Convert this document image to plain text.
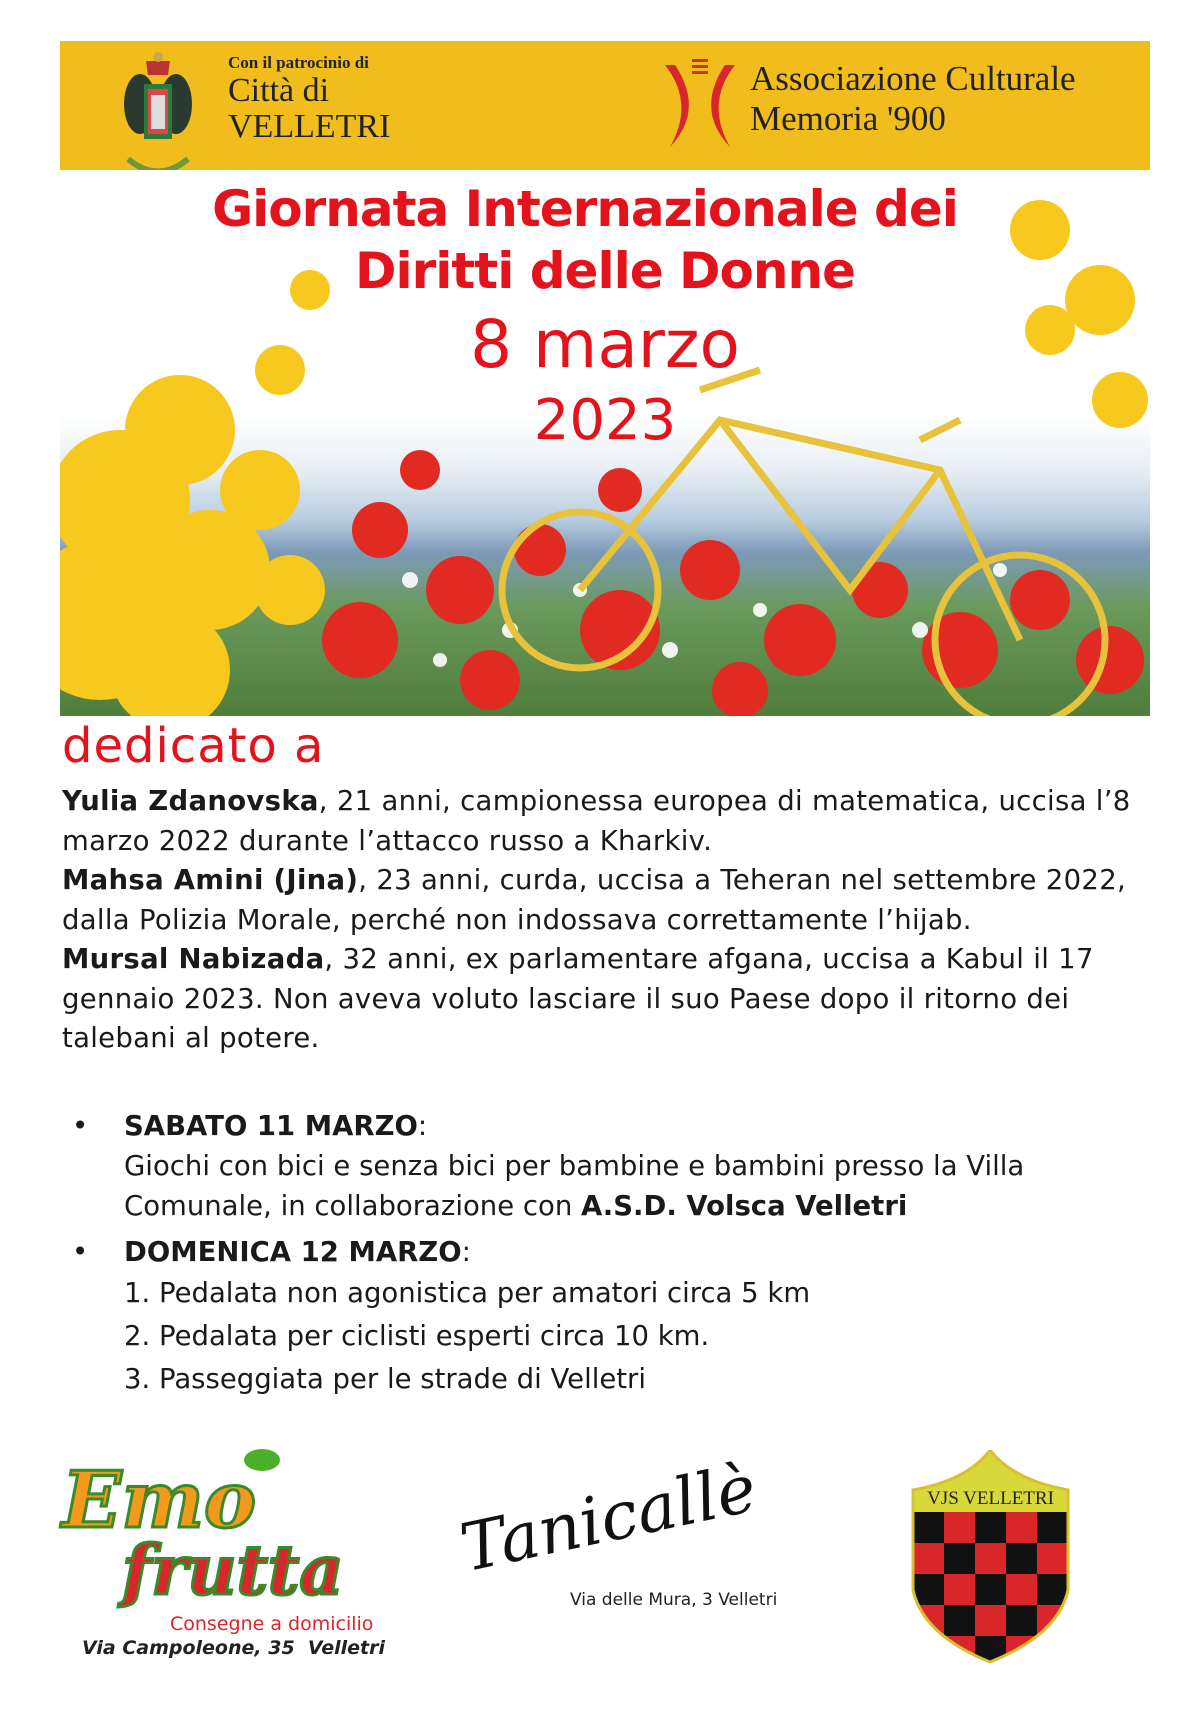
Con il patrocinio di
Città di
VELLETRI
Associazione Culturale
Memoria '900
Giornata Internazionale dei
Diritti delle Donne
8 marzo
2023
dedicato a

Yulia Zdanovska, 21 anni, campionessa europea di matematica, uccisa l’8 marzo 2022 durante l’attacco russo a Kharkiv.

Mahsa Amini (Jina), 23 anni, curda, uccisa a Teheran nel settembre 2022, dalla Polizia Morale, perché non indossava correttamente l’hijab.

Mursal Nabizada, 32 anni, ex parlamentare afgana, uccisa a Kabul il 17 gennaio 2023. Non aveva voluto lasciare il suo Paese dopo il ritorno dei talebani al potere.

• SABATO 11 MARZO:
Giochi con bici e senza bici per bambine e bambini presso la Villa Comunale, in collaborazione con A.S.D. Volsca Velletri
• DOMENICA 12 MARZO:
1. Pedalata non agonistica per amatori circa 5 km
2. Pedalata per ciclisti esperti circa 10 km.
3. Passeggiata per le strade di Velletri
Emo
frutta
Consegne a domicilio
Via Campoleone, 35  Velletri
Tanicallè
Via delle Mura, 3 Velletri
VJS VELLETRI
